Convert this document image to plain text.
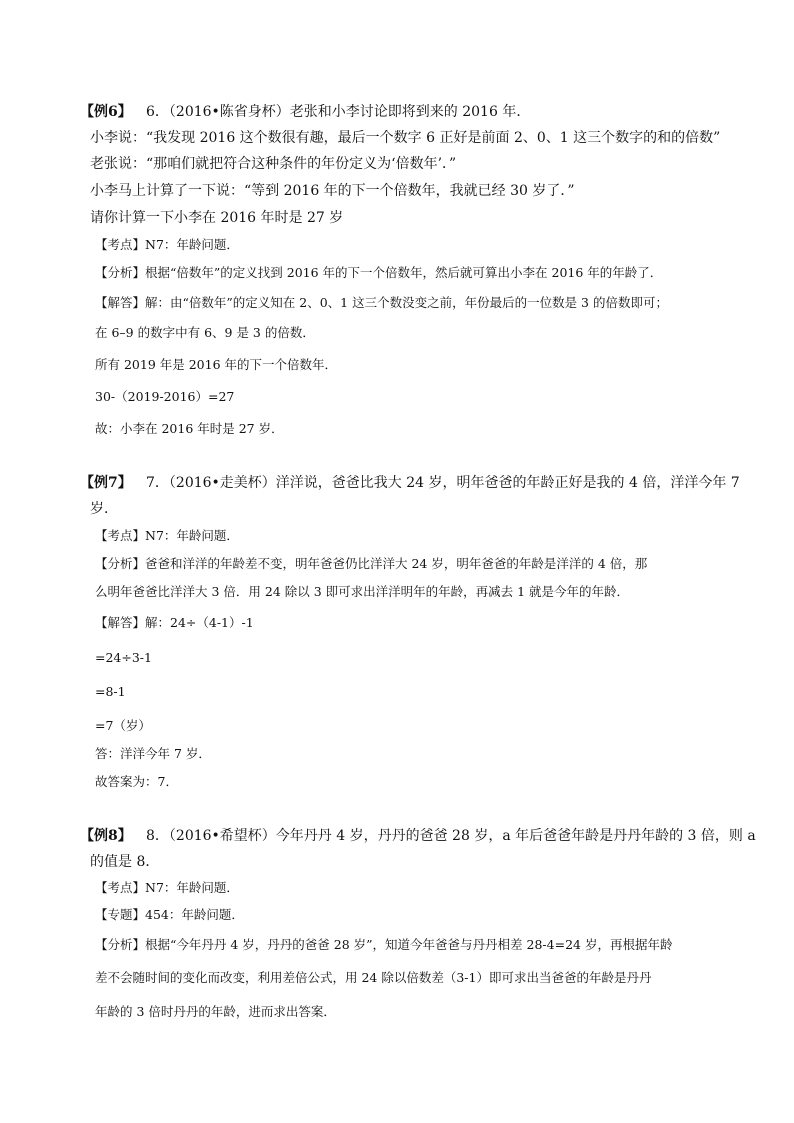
【例6】 6．（2016•陈省身杯）老张和小李讨论即将到来的 2016 年．
小李说：“我发现 2016 这个数很有趣，最后一个数字 6 正好是前面 2、0、1 这三个数字的和的倍数”
老张说：“那咱们就把符合这种条件的年份定义为‘倍数年’．”
小李马上计算了一下说：“等到 2016 年的下一个倍数年，我就已经 30 岁了．”
请你计算一下小李在 2016 年时是 27 岁
【考点】N7：年龄问题．
【分析】根据“倍数年”的定义找到 2016 年的下一个倍数年，然后就可算出小李在 2016 年的年龄了．
【解答】解：由“倍数年”的定义知在 2、0、1 这三个数没变之前，年份最后的一位数是 3 的倍数即可；
在 6–9 的数字中有 6、9 是 3 的倍数．
所有 2019 年是 2016 年的下一个倍数年．
30-（2019-2016）=27
故：小李在 2016 年时是 27 岁．
【例7】 7．（2016•走美杯）洋洋说，爸爸比我大 24 岁，明年爸爸的年龄正好是我的 4 倍，洋洋今年 7
岁．
【考点】N7：年龄问题．
【分析】爸爸和洋洋的年龄差不变，明年爸爸仍比洋洋大 24 岁，明年爸爸的年龄是洋洋的 4 倍，那
么明年爸爸比洋洋大 3 倍．用 24 除以 3 即可求出洋洋明年的年龄，再减去 1 就是今年的年龄．
【解答】解：24÷（4-1）-1
=24÷3-1
=8-1
=7（岁）
答：洋洋今年 7 岁．
故答案为：7．
【例8】 8．（2016•希望杯）今年丹丹 4 岁，丹丹的爸爸 28 岁，a 年后爸爸年龄是丹丹年龄的 3 倍，则 a
的值是 8．
【考点】N7：年龄问题．
【专题】454：年龄问题．
【分析】根据“今年丹丹 4 岁，丹丹的爸爸 28 岁”，知道今年爸爸与丹丹相差 28-4=24 岁，再根据年龄
差不会随时间的变化而改变，利用差倍公式，用 24 除以倍数差（3-1）即可求出当爸爸的年龄是丹丹
年龄的 3 倍时丹丹的年龄，进而求出答案．
